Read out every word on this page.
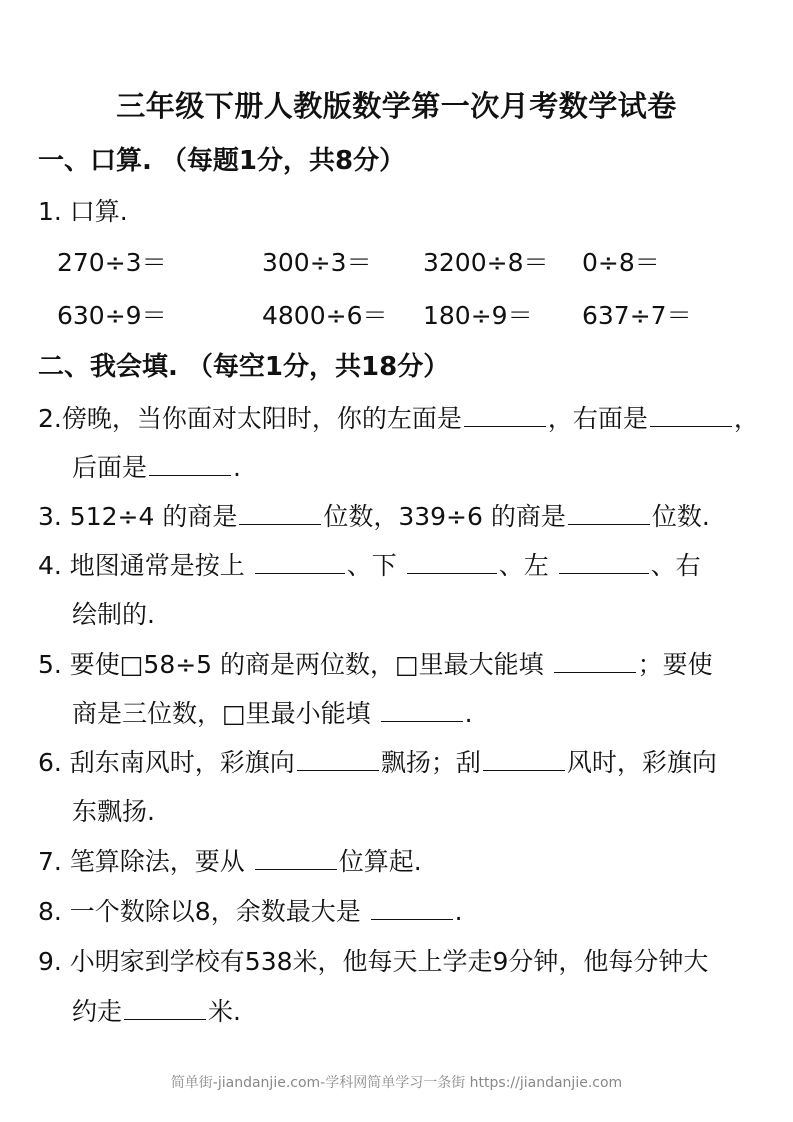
三年级下册人教版数学第一次月考数学试卷
一、口算. （每题1分，共8分）
1. 口算.
270÷3＝	300÷3＝ 3200÷8＝ 0÷8＝
630÷9＝	4800÷6＝ 180÷9＝ 637÷7＝
二、我会填. （每空1分，共18分）
2.傍晚，当你面对太阳时，你的左面是	，右面是	，
后面是	.
3. 512÷4 的商是	位数，339÷6 的商是	位数.
4. 地图通常是按上	、下	、左	、右
绘制的.
5. 要使□58÷5 的商是两位数，□里最大能填	；要使
商是三位数，□里最小能填	.
6. 刮东南风时，彩旗向	飘扬；刮	风时，彩旗向
东飘扬.
7. 笔算除法，要从	位算起.
8. 一个数除以8，余数最大是	.
9. 小明家到学校有538米，他每天上学走9分钟，他每分钟大
约走	米.
简单街-jiandanjie.com-学科网简单学习一条街 https://jiandanjie.com
